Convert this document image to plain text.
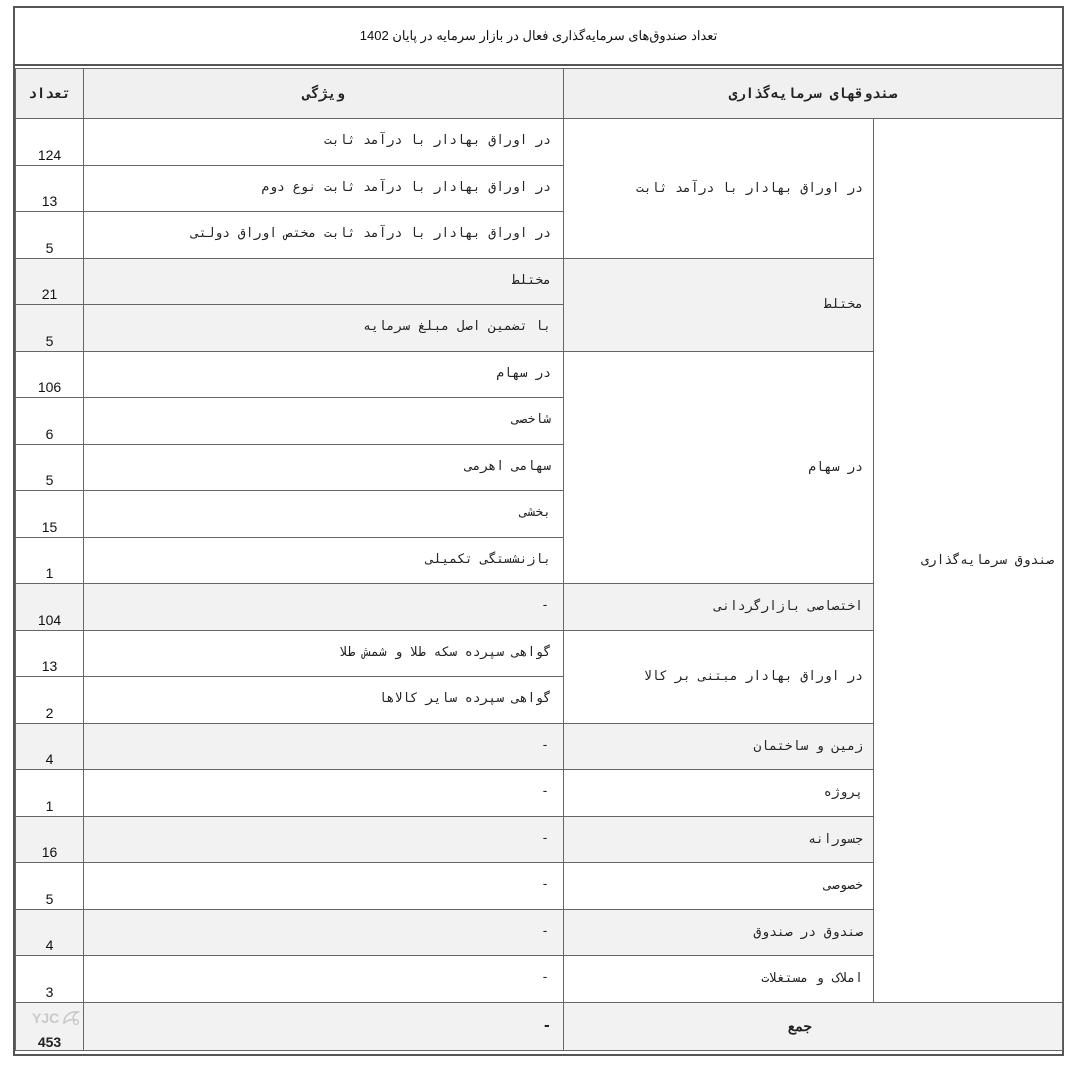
تعداد صندوق‌های سرمایه‌گذاری فعال در بازار سرمایه در پایان 1402
صندوقهای سرمایه‌گذاری		ویژگی	تعداد
صندوق سرمایه‌گذاری	در اوراق بهادار با درآمد ثابت	در اوراق بهادار با درآمد ثابت	124
		در اوراق بهادار با درآمد ثابت نوع دوم	13
		در اوراق بهادار با درآمد ثابت مختص اوراق دولتی	5
	مختلط	مختلط	21
		با تضمین اصل مبلغ سرمایه	5
	در سهام	در سهام	106
		شاخصی	6
		سهامی اهرمی	5
		بخشی	15
		بازنشستگی تکمیلی	1
	اختصاصی بازارگردانی	-	104
	در اوراق بهادار مبتنی بر کالا	گواهی سپرده سکه طلا و شمش طلا	13
		گواهی سپرده سایر کالاها	2
	زمین و ساختمان	-	4
	پروژه	-	1
	جسورانه	-	16
	خصوصی	-	5
	صندوق در صندوق	-	4
	املاک و مستغلات	-	3
جمع		-	453
YJC
